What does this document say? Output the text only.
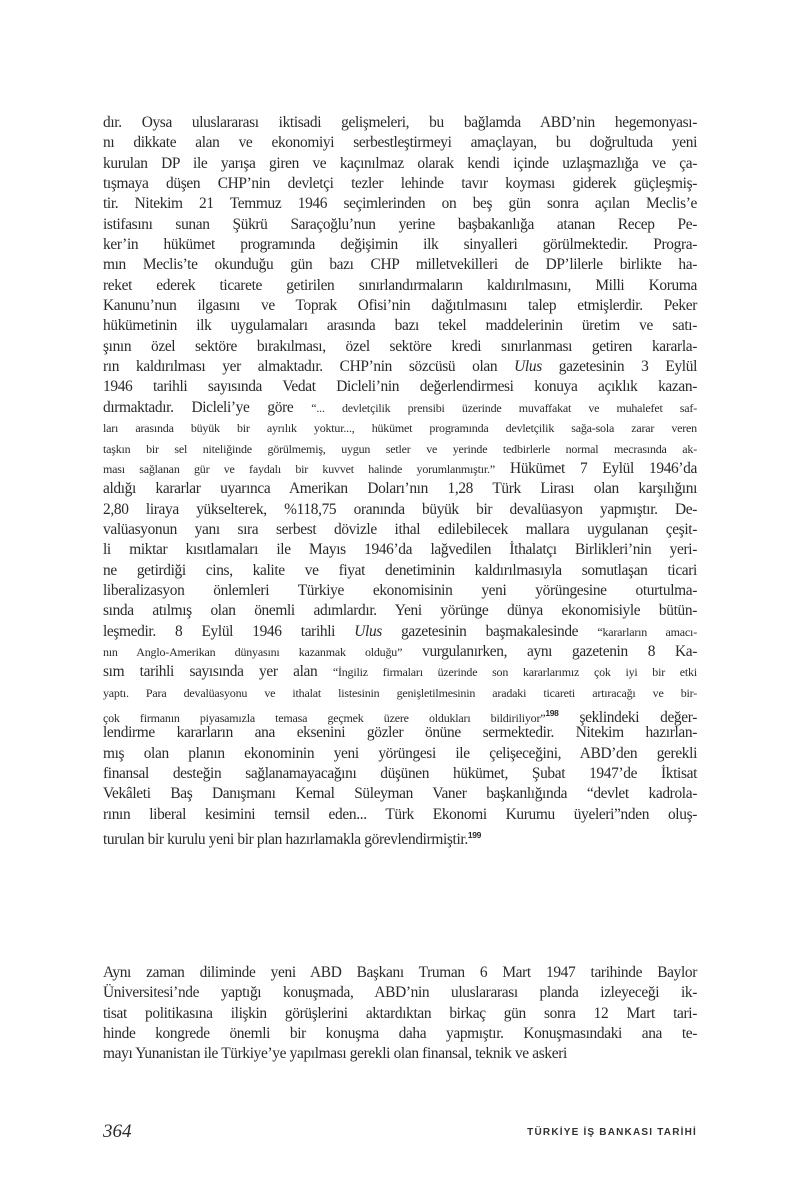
dır. Oysa uluslararası iktisadi gelişmeleri, bu bağlamda ABD’nin hegemonyası-
nı dikkate alan ve ekonomiyi serbestleştirmeyi amaçlayan, bu doğrultuda yeni
kurulan DP ile yarışa giren ve kaçınılmaz olarak kendi içinde uzlaşmazlığa ve ça-
tışmaya düşen CHP’nin devletçi tezler lehinde tavır koyması giderek güçleşmiş-
tir. Nitekim 21 Temmuz 1946 seçimlerinden on beş gün sonra açılan Meclis’e
istifasını sunan Şükrü Saraçoğlu’nun yerine başbakanlığa atanan Recep Pe-
ker’in hükümet programında değişimin ilk sinyalleri görülmektedir. Progra-
mın Meclis’te okunduğu gün bazı CHP milletvekilleri de DP’lilerle birlikte ha-
reket ederek ticarete getirilen sınırlandırmaların kaldırılmasını, Milli Koruma
Kanunu’nun ilgasını ve Toprak Ofisi’nin dağıtılmasını talep etmişlerdir. Peker
hükümetinin ilk uygulamaları arasında bazı tekel maddelerinin üretim ve satı-
şının özel sektöre bırakılması, özel sektöre kredi sınırlanması getiren kararla-
rın kaldırılması yer almaktadır. CHP’nin sözcüsü olan Ulus gazetesinin 3 Eylül
1946 tarihli sayısında Vedat Dicleli’nin değerlendirmesi konuya açıklık kazan-
dırmaktadır. Dicleli’ye göre “... devletçilik prensibi üzerinde muvaffakat ve muhalefet saf-
ları arasında büyük bir ayrılık yoktur..., hükümet programında devletçilik sağa-sola zarar veren
taşkın bir sel niteliğinde görülmemiş, uygun setler ve yerinde tedbirlerle normal mecrasında ak-
ması sağlanan gür ve faydalı bir kuvvet halinde yorumlanmıştır.” Hükümet 7 Eylül 1946’da
aldığı kararlar uyarınca Amerikan Doları’nın 1,28 Türk Lirası olan karşılığını
2,80 liraya yükselterek, %118,75 oranında büyük bir devalüasyon yapmıştır. De-
valüasyonun yanı sıra serbest dövizle ithal edilebilecek mallara uygulanan çeşit-
li miktar kısıtlamaları ile Mayıs 1946’da lağvedilen İthalatçı Birlikleri’nin yeri-
ne getirdiği cins, kalite ve fiyat denetiminin kaldırılmasıyla somutlaşan ticari
liberalizasyon önlemleri Türkiye ekonomisinin yeni yörüngesine oturtulma-
sında atılmış olan önemli adımlardır. Yeni yörünge dünya ekonomisiyle bütün-
leşmedir. 8 Eylül 1946 tarihli Ulus gazetesinin başmakalesinde “kararların amacı-
nın Anglo-Amerikan dünyasını kazanmak olduğu” vurgulanırken, aynı gazetenin 8 Ka-
sım tarihli sayısında yer alan “İngiliz firmaları üzerinde son kararlarımız çok iyi bir etki
yaptı. Para devalüasyonu ve ithalat listesinin genişletilmesinin aradaki ticareti artıracağı ve bir-
çok firmanın piyasamızla temasa geçmek üzere oldukları bildiriliyor”$^{198}$ şeklindeki değer-
lendirme kararların ana eksenini gözler önüne sermektedir. Nitekim hazırlan-
mış olan planın ekonominin yeni yörüngesi ile çelişeceğini, ABD’den gerekli
finansal desteğin sağlanamayacağını düşünen hükümet, Şubat 1947’de İktisat
Vekâleti Baş Danışmanı Kemal Süleyman Vaner başkanlığında “devlet kadrola-
rının liberal kesimini temsil eden... Türk Ekonomi Kurumu üyeleri”nden oluş-
turulan bir kurulu yeni bir plan hazırlamakla görevlendirmiştir.$^{199}$
Aynı zaman diliminde yeni ABD Başkanı Truman 6 Mart 1947 tarihinde Baylor
Üniversitesi’nde yaptığı konuşmada, ABD’nin uluslararası planda izleyeceği ik-
tisat politikasına ilişkin görüşlerini aktardıktan birkaç gün sonra 12 Mart tari-
hinde kongrede önemli bir konuşma daha yapmıştır. Konuşmasındaki ana te-
mayı Yunanistan ile Türkiye’ye yapılması gerekli olan finansal, teknik ve askeri
364	TÜRKİYE İŞ BANKASI TARİHİ
